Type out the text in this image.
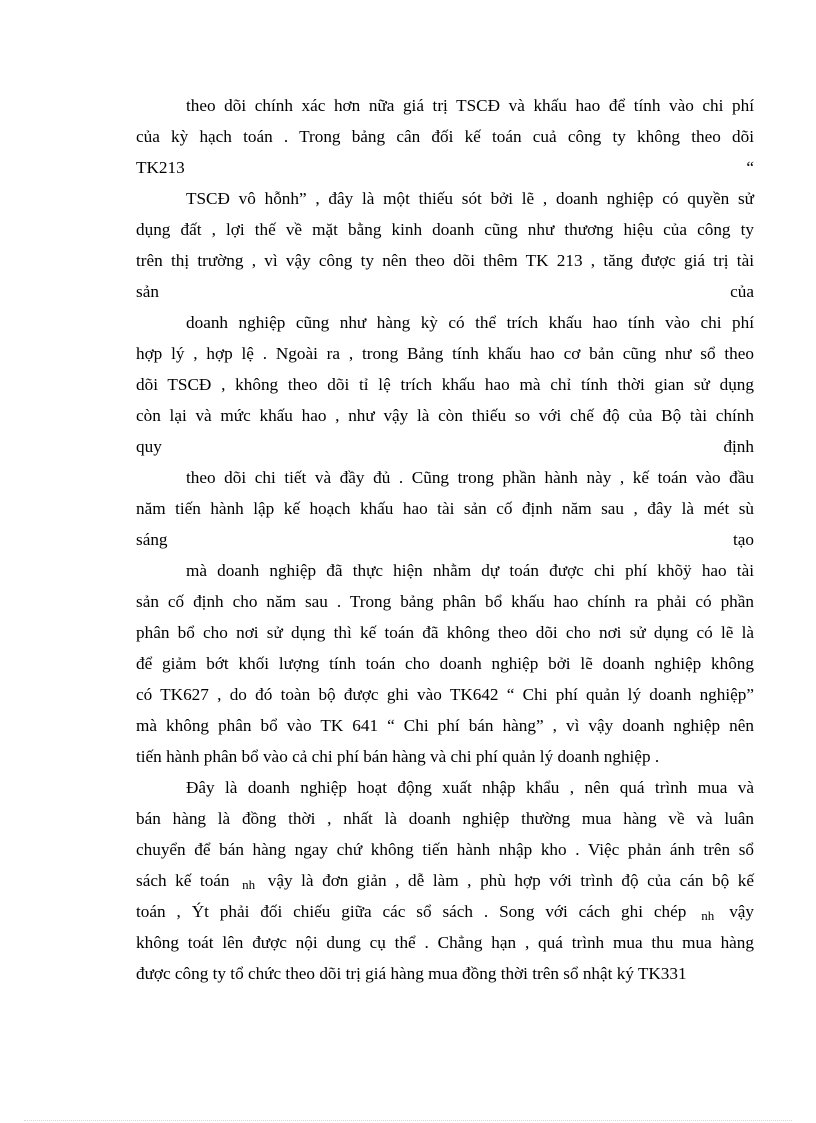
theo dõi chính xác hơn nữa giá trị TSCĐ và khấu hao để tính vào chi phí
của kỳ hạch toán . Trong bảng cân đối kế toán cuả công ty không theo dõi
TK213 “
TSCĐ vô hỗnh” , đây là một thiếu sót bởi lẽ , doanh nghiệp có quyền sử
dụng đất , lợi thế về mặt bằng kinh doanh cũng như thương hiệu của công ty
trên thị trường , vì vậy công ty nên theo dõi thêm TK 213 , tăng được giá trị tài
sản của
doanh nghiệp cũng như hàng kỳ có thể trích khấu hao tính vào chi phí
hợp lý , hợp lệ . Ngoài ra , trong Bảng tính khấu hao cơ bản cũng như sổ theo
dõi TSCĐ , không theo dõi tỉ lệ trích khấu hao mà chỉ tính thời gian sử dụng
còn lại và mức khấu hao , như vậy là còn thiếu so với chế độ của Bộ tài chính
quy định
theo dõi chi tiết và đầy đủ . Cũng trong phần hành này , kế toán vào đầu
năm tiến hành lập kế hoạch khấu hao tài sản cố định năm sau , đây là mét sù
sáng tạo
mà doanh nghiệp đã thực hiện nhằm dự toán được chi phí khõÿ hao tài
sản cố định cho năm sau . Trong bảng phân bổ khấu hao chính ra phải có phần
phân bổ cho nơi sử dụng thì kế toán đã không theo dõi cho nơi sử dụng có lẽ là
để giảm bớt khối lượng tính toán cho doanh nghiệp bởi lẽ doanh nghiệp không
có TK627 , do đó toàn bộ được ghi vào TK642 “ Chi phí quản lý doanh nghiệp”
mà không phân bổ vào TK 641 “ Chi phí bán hàng” , vì vậy doanh nghiệp nên
tiến hành phân bổ vào cả chi phí bán hàng và chi phí quản lý doanh nghiệp .
Đây là doanh nghiệp hoạt động xuất nhập khẩu , nên quá trình mua và
bán hàng là đồng thời , nhất là doanh nghiệp thường mua hàng về và luân
chuyển để bán hàng ngay chứ không tiến hành nhập kho . Việc phản ánh trên sổ
sách kế toán nh vậy là đơn giản , dễ làm , phù hợp với trình độ của cán bộ kế
toán , Ýt phải đối chiếu giữa các sổ sách . Song với cách ghi chép nh vậy
không toát lên được nội dung cụ thể . Chẳng hạn , quá trình mua thu mua hàng
được công ty tổ chức theo dõi trị giá hàng mua đồng thời trên sổ nhật ký TK331
